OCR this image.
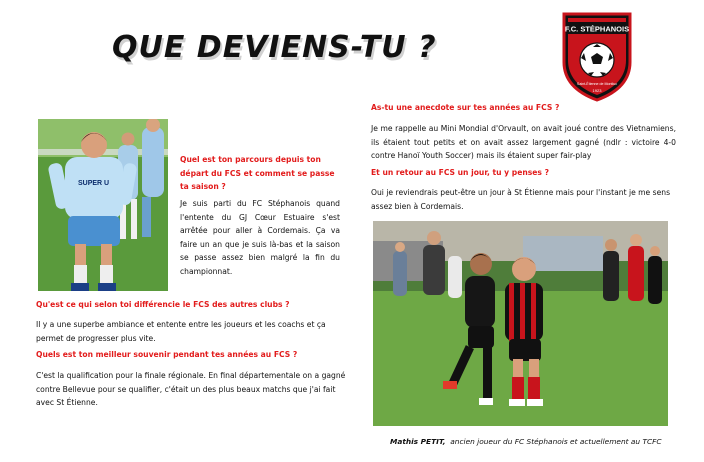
QUE DEVIENS-TU ?
F.C. STÉPHANOIS
Saint-Étienne de Montluc
1923
SUPER U
Quel est ton parcours depuis ton départ du FCS et comment se passe ta saison ?
Je suis parti du FC Stéphanois quand l'entente du GJ Cœur Estuaire s'est arrêtée pour aller à Cordemais. Ça va faire un an que je suis là-bas et la saison se passe assez bien malgré la fin du championnat.
Qu'est ce qui selon toi différencie le FCS des autres clubs ?
Il y a une superbe ambiance et entente entre les joueurs et les coachs et ça permet de progresser plus vite.
Quels est ton meilleur souvenir pendant tes années au FCS ?
C'est la qualification pour la finale régionale. En final départementale on a gagné contre Bellevue pour se qualifier, c'était un des plus beaux matchs que j'ai fait avec St Étienne.
As-tu une anecdote sur tes années au FCS ?
Je me rappelle au Mini Mondial d'Orvault, on avait joué contre des Vietnamiens, ils étaient tout petits et on avait assez largement gagné (ndlr : victoire 4-0 contre Hanoï Youth Soccer) mais ils étaient super fair-play
Et un retour au FCS un jour, tu y penses ?
Oui je reviendrais peut-être un jour à St Étienne mais pour l'instant je me sens assez bien à Cordemais.
Mathis PETIT, ancien joueur du FC Stéphanois et actuellement au TCFC
